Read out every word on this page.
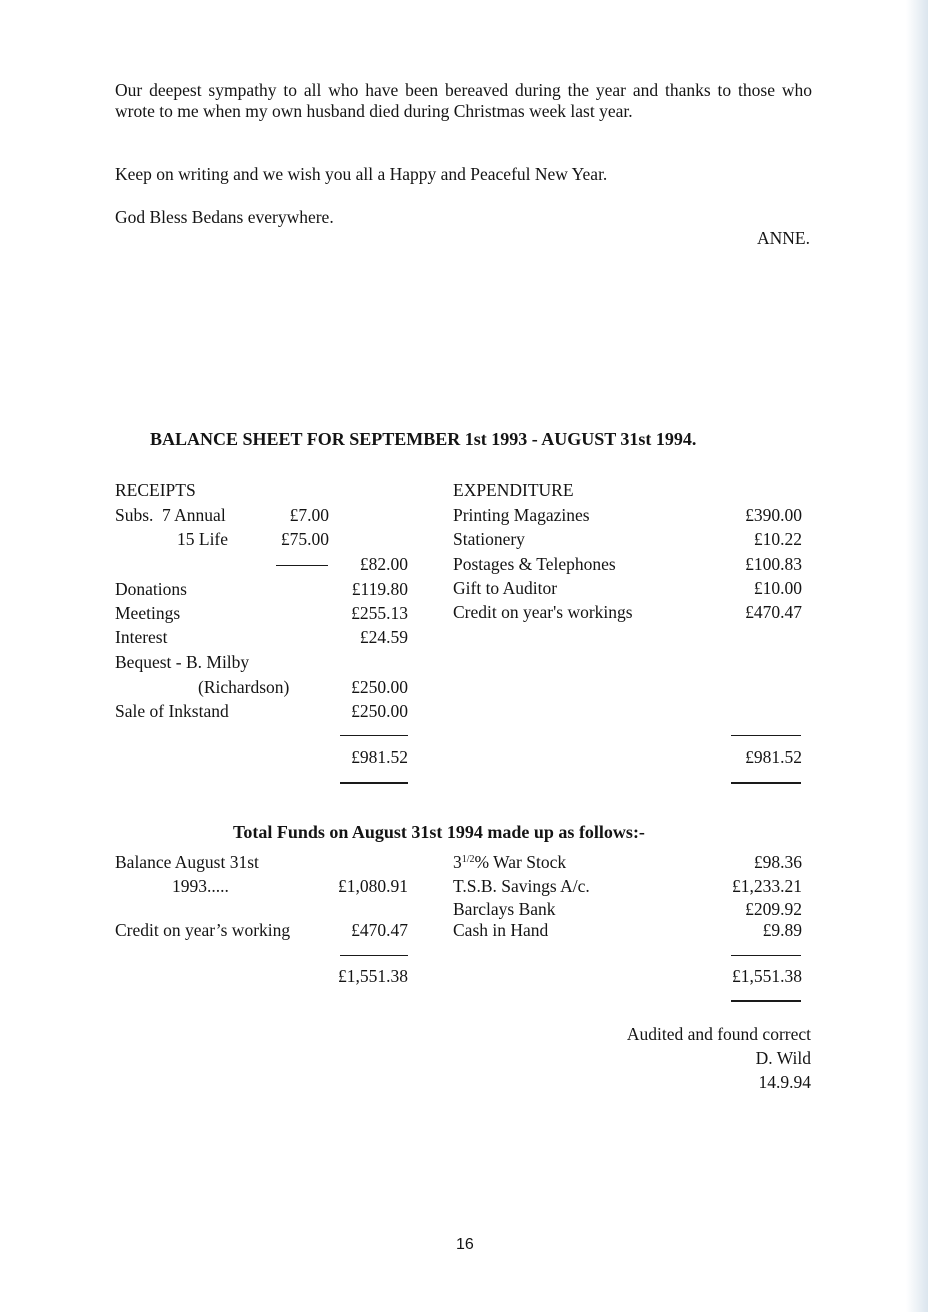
Our deepest sympathy to all who have been bereaved during the year and thanks to those who wrote to me when my own husband died during Christmas week last year.
Keep on writing and we wish you all a Happy and Peaceful New Year.
God Bless Bedans everywhere.
ANNE.
BALANCE SHEET FOR SEPTEMBER 1st 1993 - AUGUST 31st 1994.
RECEIPTS
Subs. 7 Annual	£7.00
15 Life	£75.00
£82.00
Donations	£119.80
Meetings	£255.13
Interest	£24.59
Bequest - B. Milby
(Richardson)	£250.00
Sale of Inkstand	£250.00
£981.52
EXPENDITURE
Printing Magazines	£390.00
Stationery	£10.22
Postages & Telephones	£100.83
Gift to Auditor	£10.00
Credit on year's workings	£470.47
£981.52
Total Funds on August 31st 1994 made up as follows:-
Balance August 31st
1993.....	£1,080.91
Credit on year’s working	£470.47
£1,551.38
$3^{1/2}\%$ War Stock	£98.36
T.S.B. Savings A/c.	£1,233.21
Barclays Bank	£209.92
Cash in Hand	£9.89
£1,551.38
Audited and found correct
D. Wild
14.9.94
16
